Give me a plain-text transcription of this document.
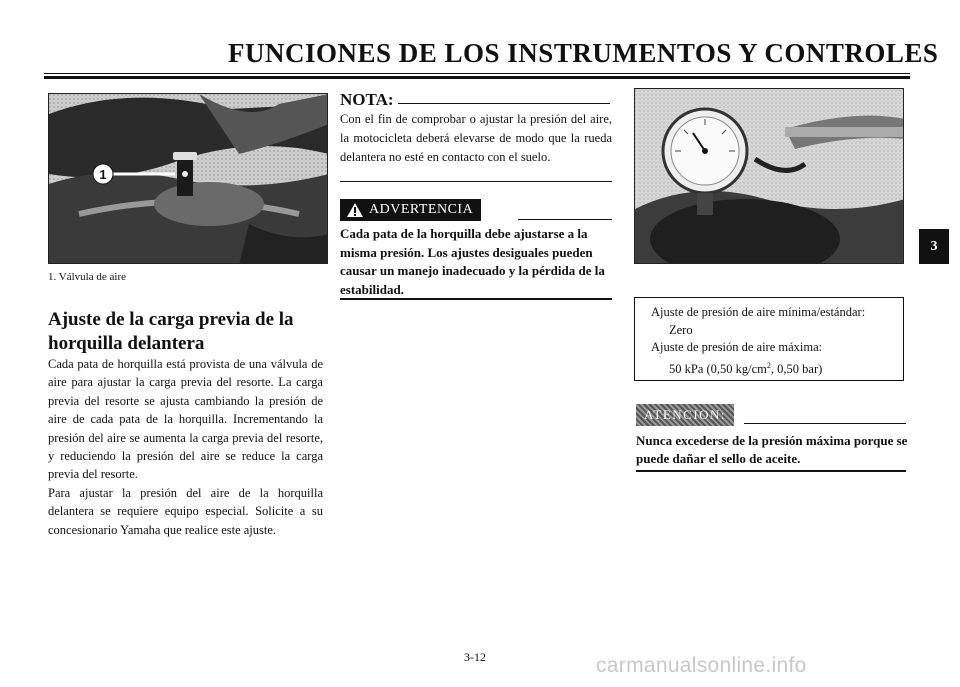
FUNCIONES DE LOS INSTRUMENTOS Y CONTROLES
1
1. Válvula de aire
Ajuste de la carga previa de la
horquilla delantera

Cada pata de horquilla está provista de una válvula de aire para ajustar la carga previa del resorte. La carga previa del resorte se ajusta cambiando la presión de aire de cada pata de la horquilla. Incrementando la presión del aire se aumenta la carga previa del resorte, y reduciendo la presión del aire se reduce la carga previa del resorte.

Para ajustar la presión del aire de la horquilla delantera se requiere equipo especial. Solicite a su concesionario Yamaha que realice este ajuste.

NOTA:
Con el fin de comprobar o ajustar la presión del aire, la motocicleta deberá elevarse de modo que la rueda delantera no esté en contacto con el suelo.
ADVERTENCIA
Cada pata de la horquilla debe ajustarse a la misma presión. Los ajustes desiguales pueden causar un manejo inadecuado y la pérdida de la estabilidad.
Ajuste de presión de aire mínima/estándar:
Zero
Ajuste de presión de aire máxima:
50 kPa (0,50 $kg/cm^2$, 0,50 bar)
ATENCION:
Nunca excederse de la presión máxima porque se puede dañar el sello de aceite.
3
3-12	carmanualsonline.info
